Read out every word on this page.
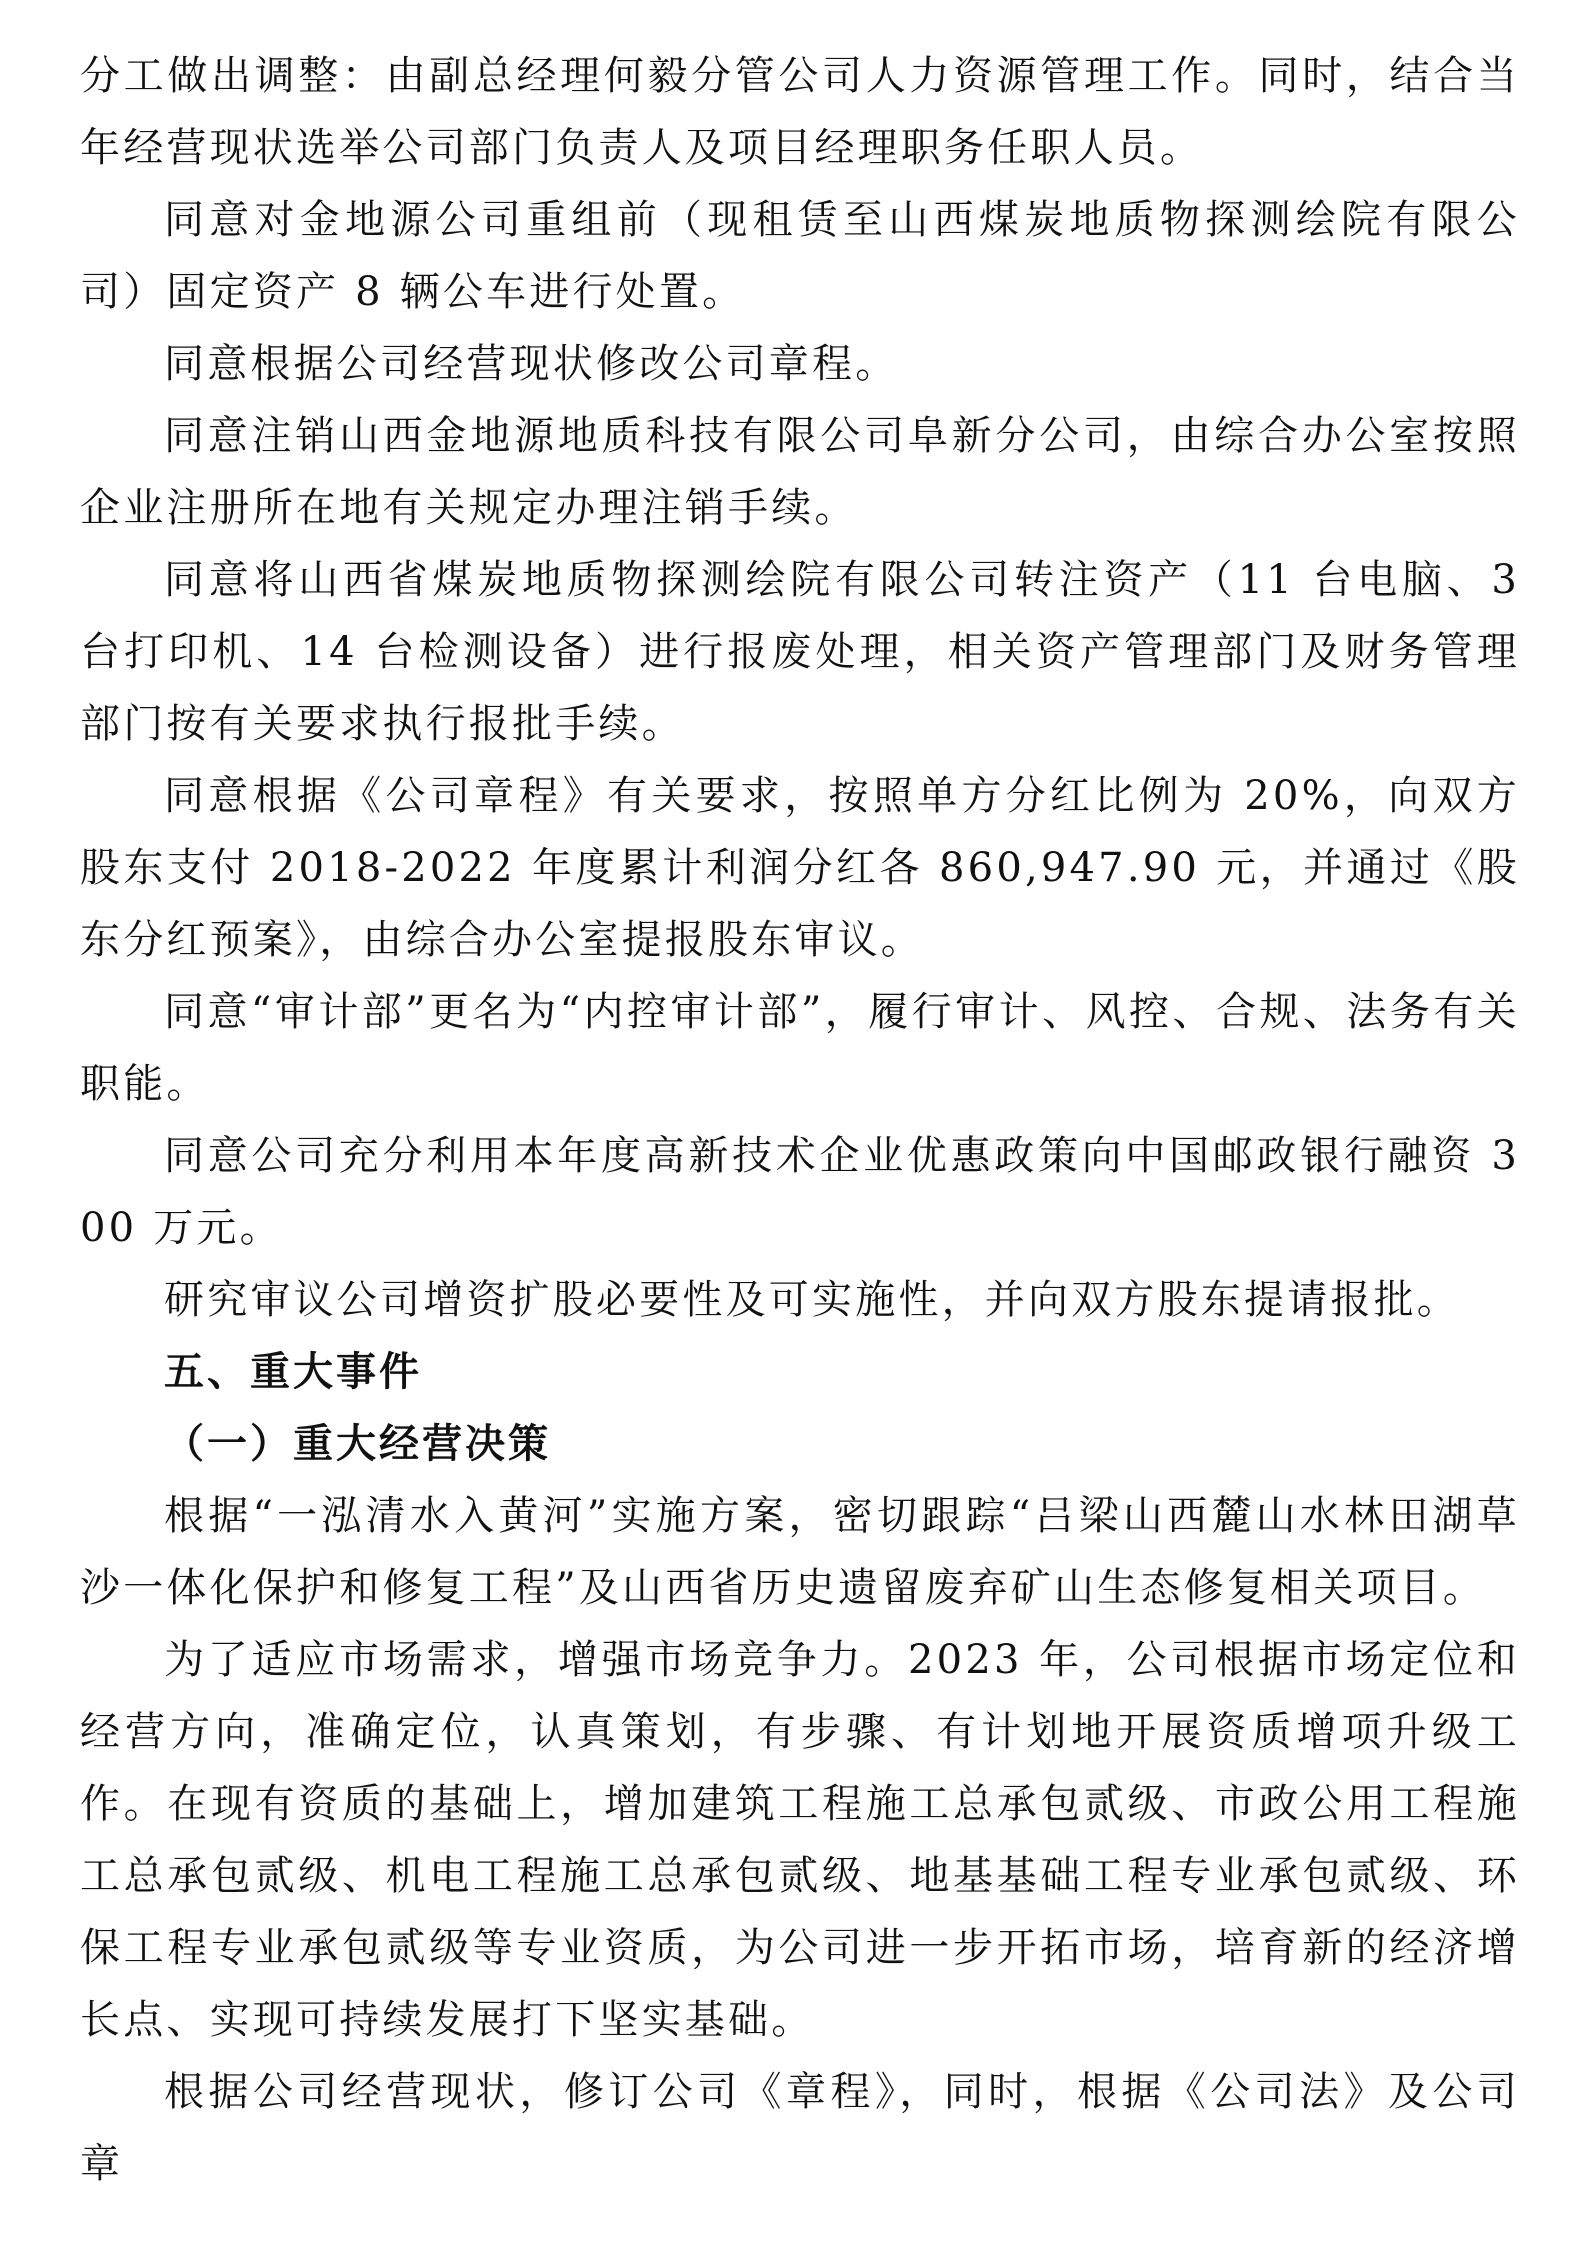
分工做出调整：由副总经理何毅分管公司人力资源管理工作。同时，结合当年经营现状选举公司部门负责人及项目经理职务任职人员。

同意对金地源公司重组前（现租赁至山西煤炭地质物探测绘院有限公司）固定资产 8 辆公车进行处置。

同意根据公司经营现状修改公司章程。

同意注销山西金地源地质科技有限公司阜新分公司，由综合办公室按照企业注册所在地有关规定办理注销手续。

同意将山西省煤炭地质物探测绘院有限公司转注资产（11 台电脑、3 台打印机、14 台检测设备）进行报废处理，相关资产管理部门及财务管理部门按有关要求执行报批手续。

同意根据《公司章程》有关要求，按照单方分红比例为 20%，向双方股东支付 2018-2022 年度累计利润分红各 860,947.90 元，并通过《股东分红预案》，由综合办公室提报股东审议。

同意“审计部”更名为“内控审计部”，履行审计、风控、合规、法务有关职能。

同意公司充分利用本年度高新技术企业优惠政策向中国邮政银行融资 300 万元。

研究审议公司增资扩股必要性及可实施性，并向双方股东提请报批。

五、重大事件
（一）重大经营决策

根据“一泓清水入黄河”实施方案，密切跟踪“吕梁山西麓山水林田湖草沙一体化保护和修复工程”及山西省历史遗留废弃矿山生态修复相关项目。

为了适应市场需求，增强市场竞争力。2023 年，公司根据市场定位和经营方向，准确定位，认真策划，有步骤、有计划地开展资质增项升级工作。在现有资质的基础上，增加建筑工程施工总承包贰级、市政公用工程施工总承包贰级、机电工程施工总承包贰级、地基基础工程专业承包贰级、环保工程专业承包贰级等专业资质，为公司进一步开拓市场，培育新的经济增长点、实现可持续发展打下坚实基础。

根据公司经营现状，修订公司《章程》，同时，根据《公司法》及公司章
